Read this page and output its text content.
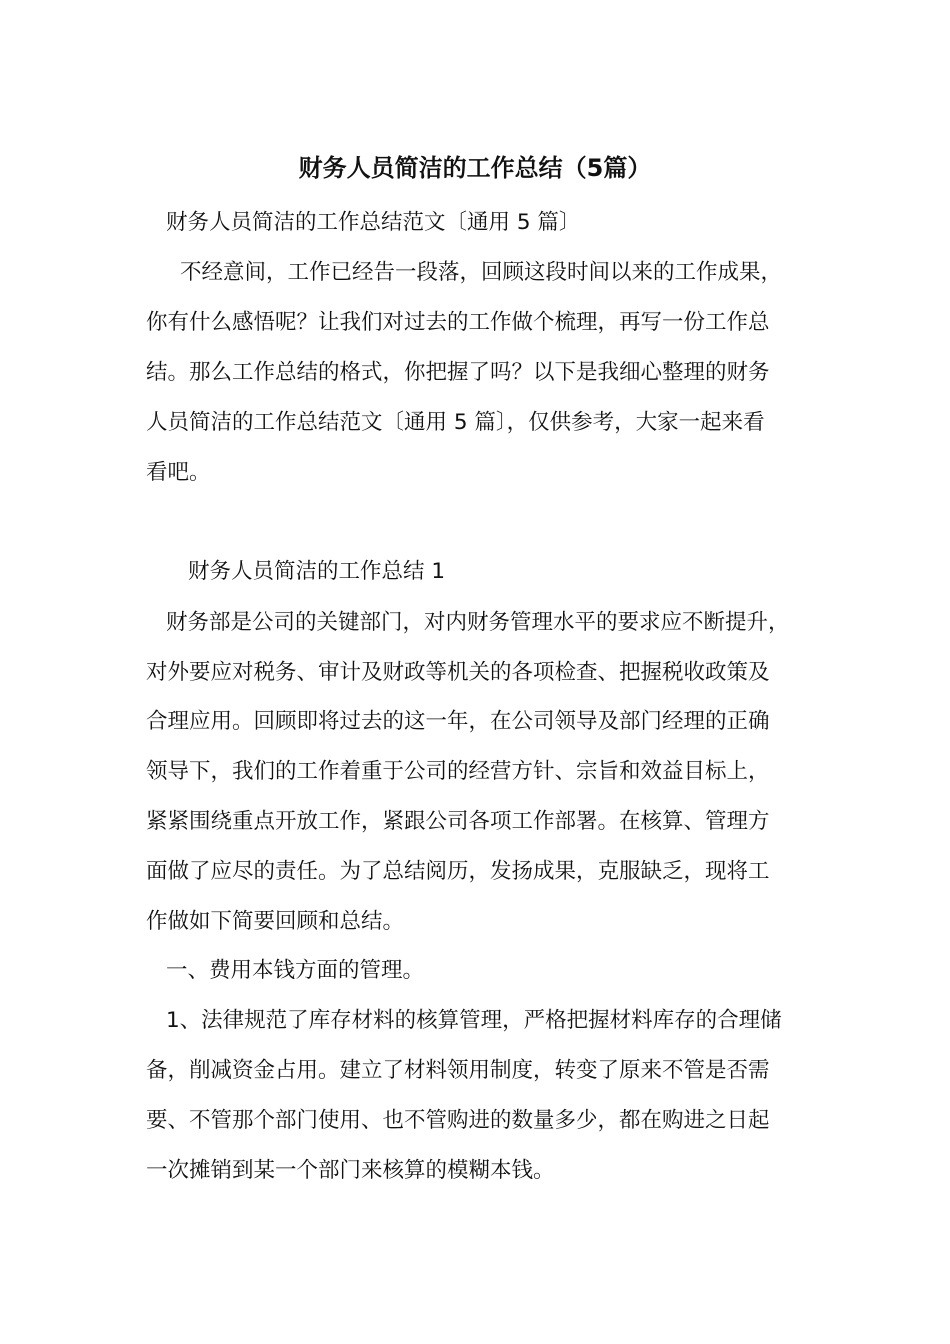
财务人员简洁的工作总结（5篇）
财务人员简洁的工作总结范文〔通用 5 篇〕
不经意间，工作已经告一段落，回顾这段时间以来的工作成果，
你有什么感悟呢？让我们对过去的工作做个梳理，再写一份工作总
结。那么工作总结的格式，你把握了吗？以下是我细心整理的财务
人员简洁的工作总结范文〔通用 5 篇〕，仅供参考，大家一起来看
看吧。
财务人员简洁的工作总结 1
财务部是公司的关键部门，对内财务管理水平的要求应不断提升，
对外要应对税务、审计及财政等机关的各项检查、把握税收政策及
合理应用。回顾即将过去的这一年，在公司领导及部门经理的正确
领导下，我们的工作着重于公司的经营方针、宗旨和效益目标上，
紧紧围绕重点开放工作，紧跟公司各项工作部署。在核算、管理方
面做了应尽的责任。为了总结阅历，发扬成果，克服缺乏，现将工
作做如下简要回顾和总结。
一、费用本钱方面的管理。
1、法律规范了库存材料的核算管理，严格把握材料库存的合理储
备，削减资金占用。建立了材料领用制度，转变了原来不管是否需
要、不管那个部门使用、也不管购进的数量多少，都在购进之日起
一次摊销到某一个部门来核算的模糊本钱。
